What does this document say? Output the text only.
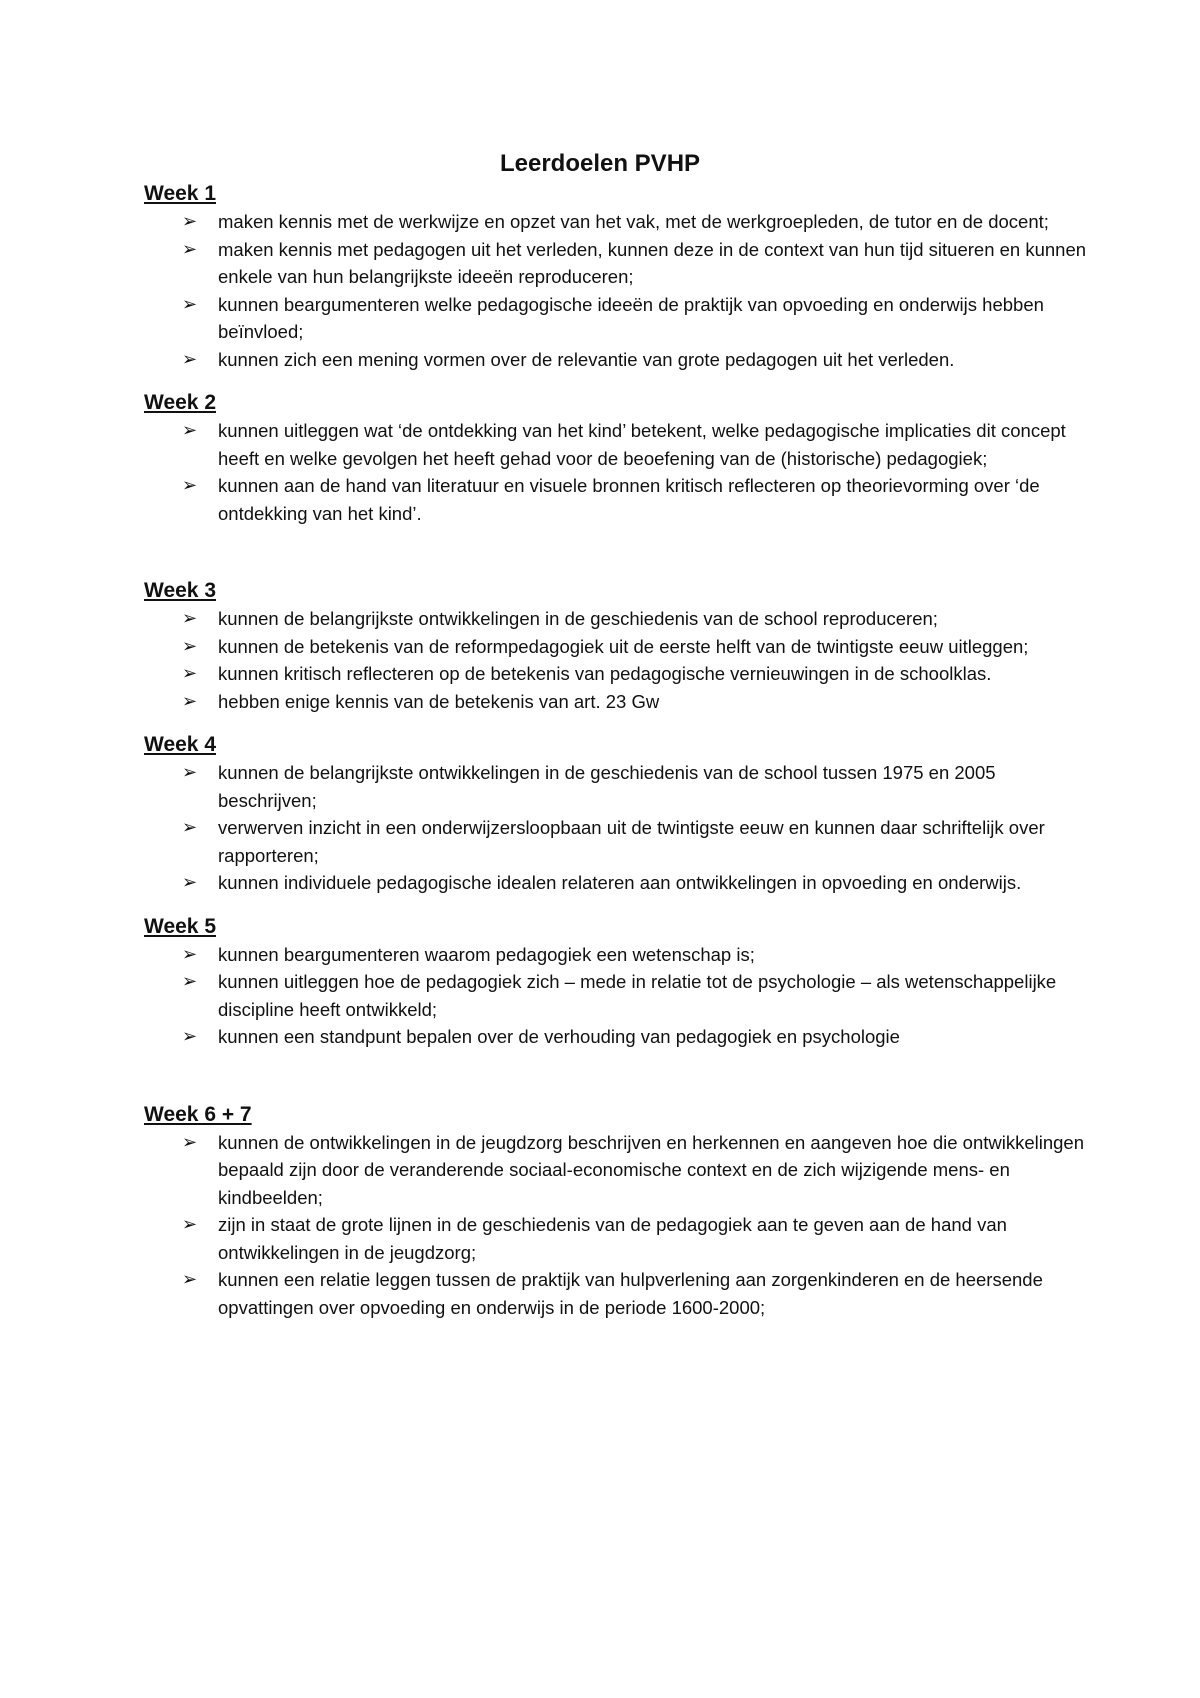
Leerdoelen PVHP
Week 1
➢ maken kennis met de werkwijze en opzet van het vak, met de werkgroepleden, de tutor en de docent;
➢ maken kennis met pedagogen uit het verleden, kunnen deze in de context van hun tijd situeren en kunnen enkele van hun belangrijkste ideeën reproduceren;
➢ kunnen beargumenteren welke pedagogische ideeën de praktijk van opvoeding en onderwijs hebben beïnvloed;
➢ kunnen zich een mening vormen over de relevantie van grote pedagogen uit het verleden.
Week 2
➢ kunnen uitleggen wat ‘de ontdekking van het kind’ betekent, welke pedagogische implicaties dit concept heeft en welke gevolgen het heeft gehad voor de beoefening van de (historische) pedagogiek;
➢ kunnen aan de hand van literatuur en visuele bronnen kritisch reflecteren op theorievorming over ‘de ontdekking van het kind’.
Week 3
➢ kunnen de belangrijkste ontwikkelingen in de geschiedenis van de school reproduceren;
➢ kunnen de betekenis van de reformpedagogiek uit de eerste helft van de twintigste eeuw uitleggen;
➢ kunnen kritisch reflecteren op de betekenis van pedagogische vernieuwingen in de schoolklas.
➢ hebben enige kennis van de betekenis van art. 23 Gw
Week 4
➢ kunnen de belangrijkste ontwikkelingen in de geschiedenis van de school tussen 1975 en 2005 beschrijven;
➢ verwerven inzicht in een onderwijzersloopbaan uit de twintigste eeuw en kunnen daar schriftelijk over rapporteren;
➢ kunnen individuele pedagogische idealen relateren aan ontwikkelingen in opvoeding en onderwijs.
Week 5
➢ kunnen beargumenteren waarom pedagogiek een wetenschap is;
➢ kunnen uitleggen hoe de pedagogiek zich – mede in relatie tot de psychologie – als wetenschappelijke discipline heeft ontwikkeld;
➢ kunnen een standpunt bepalen over de verhouding van pedagogiek en psychologie
Week 6 + 7
➢ kunnen de ontwikkelingen in de jeugdzorg beschrijven en herkennen en aangeven hoe die ontwikkelingen bepaald zijn door de veranderende sociaal-economische context en de zich wijzigende mens- en kindbeelden;
➢ zijn in staat de grote lijnen in de geschiedenis van de pedagogiek aan te geven aan de hand van ontwikkelingen in de jeugdzorg;
➢ kunnen een relatie leggen tussen de praktijk van hulpverlening aan zorgenkinderen en de heersende opvattingen over opvoeding en onderwijs in de periode 1600-2000;
